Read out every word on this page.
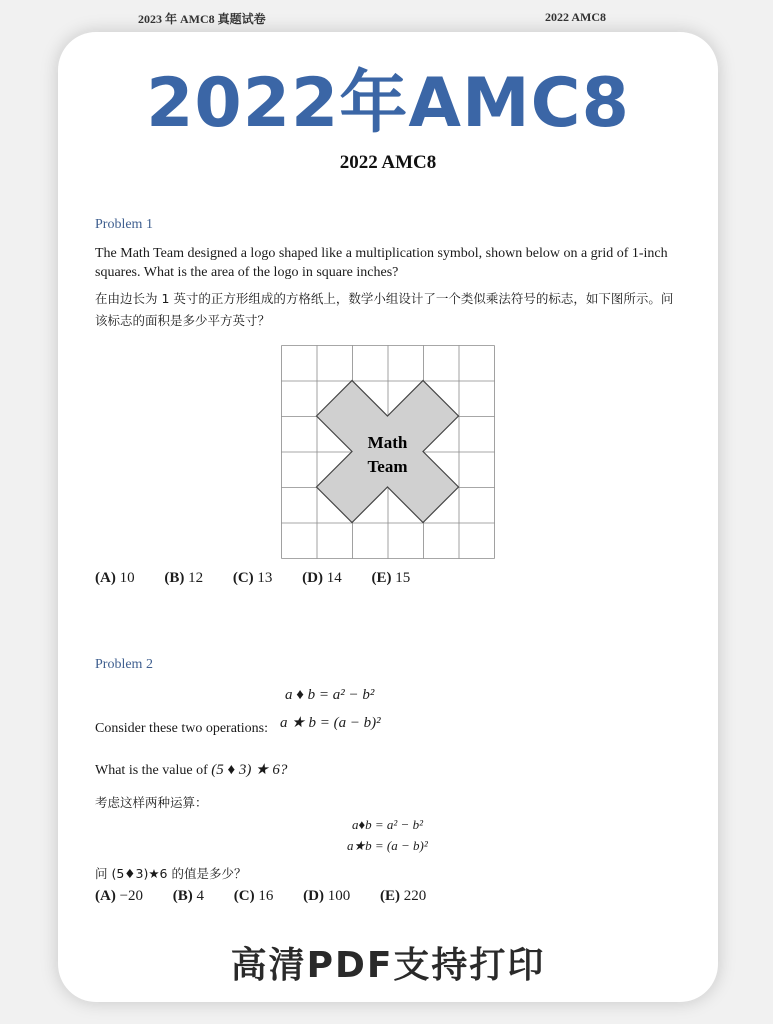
2023 年 AMC8 真题试卷	2022 AMC8
2022年AMC8
2022 AMC8
Problem 1
The Math Team designed a logo shaped like a multiplication symbol, shown below on a grid of 1-inch squares. What is the area of the logo in square inches?
在由边长为 1 英寸的正方形组成的方格纸上，数学小组设计了一个类似乘法符号的标志，如下图所示。问该标志的面积是多少平方英寸？
Math
Team
(A) 10 (B) 12 (C) 13 (D) 14 (E) 15
Problem 2
a ♦ b = a² − b²
Consider these two operations: a ★ b = (a − b)²
What is the value of (5 ♦ 3) ★ 6?
考虑这样两种运算：
a♦b = a² − b²
a★b = (a − b)²
问 (5♦3)★6 的值是多少？
(A) −20 (B) 4 (C) 16 (D) 100 (E) 220
高清PDF支持打印
